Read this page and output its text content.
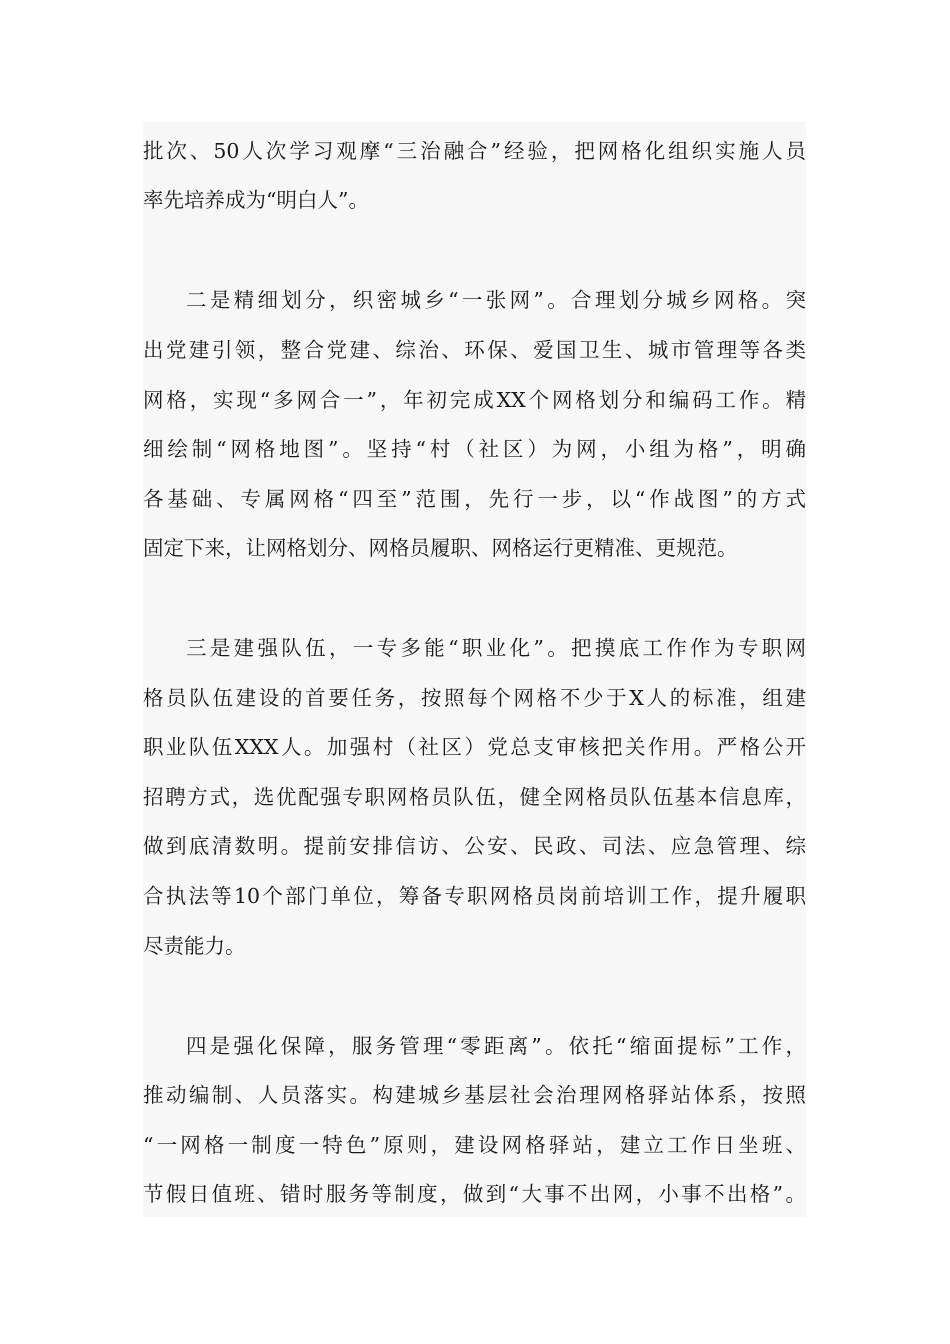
批次、50人次学习观摩“三治融合”经验，把网格化组织实施人员
率先培养成为“明白人”。
二是精细划分，织密城乡“一张网”。合理划分城乡网格。突
出党建引领，整合党建、综治、环保、爱国卫生、城市管理等各类
网格，实现“多网合一”，年初完成XX个网格划分和编码工作。精
细绘制“网格地图”。坚持“村（社区）为网，小组为格”，明确
各基础、专属网格“四至”范围，先行一步，以“作战图”的方式
固定下来，让网格划分、网格员履职、网格运行更精准、更规范。
三是建强队伍，一专多能“职业化”。把摸底工作作为专职网
格员队伍建设的首要任务，按照每个网格不少于X人的标准，组建
职业队伍XXX人。加强村（社区）党总支审核把关作用。严格公开
招聘方式，选优配强专职网格员队伍，健全网格员队伍基本信息库，
做到底清数明。提前安排信访、公安、民政、司法、应急管理、综
合执法等10个部门单位，筹备专职网格员岗前培训工作，提升履职
尽责能力。
四是强化保障，服务管理“零距离”。依托“缩面提标”工作，
推动编制、人员落实。构建城乡基层社会治理网格驿站体系，按照
“一网格一制度一特色”原则，建设网格驿站，建立工作日坐班、
节假日值班、错时服务等制度，做到“大事不出网，小事不出格”。
